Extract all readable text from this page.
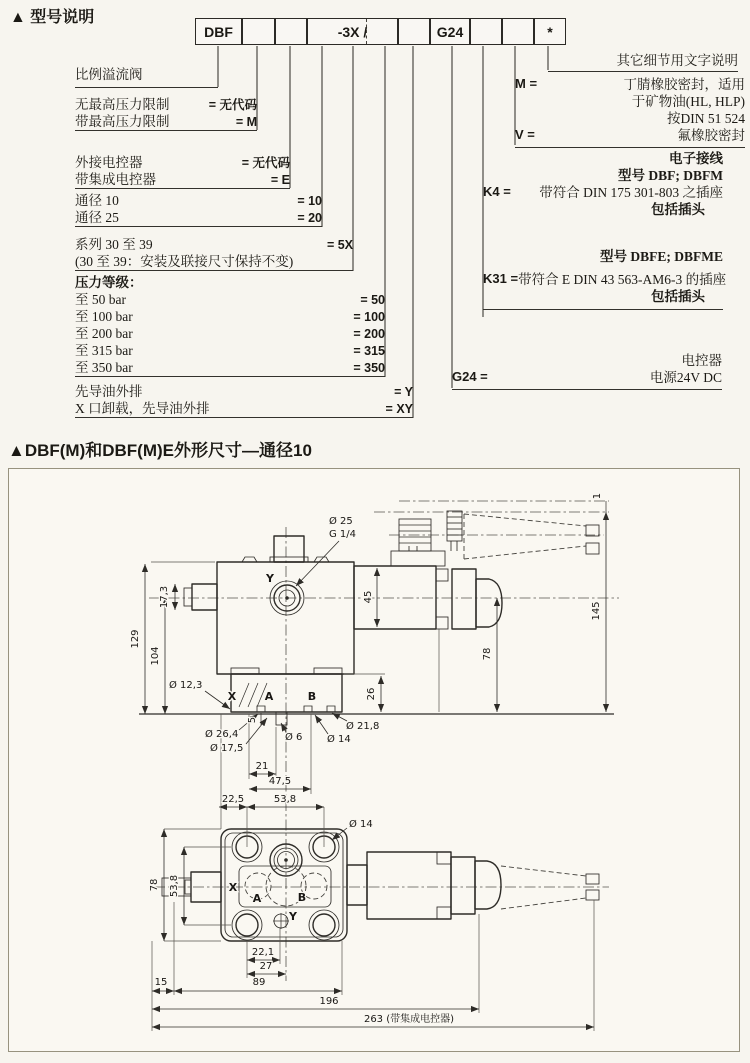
▲ 型号说明
DBF	-3X /	G24	*
比例溢流阀
无最高压力限制	= 无代码
带最高压力限制	= M
外接电控器	= 无代码
带集成电控器	= E
通径 10	= 10
通径 25	= 20
系列 30 至 39	= 5X
(30 至 39：安装及联接尺寸保持不变)
压力等级：
至 50 bar	= 50
至 100 bar	= 100
至 200 bar	= 200
至 315 bar	= 315
至 350 bar	= 350
先导油外排	= Y
X 口卸载，先导油外排	= XY
其它细节用文字说明
M =	丁腈橡胶密封，适用
于矿物油(HL, HLP)
按DIN 51 524
V =	氟橡胶密封
电子接线
型号 DBF; DBFM
K4 = 带符合 DIN 175 301-803 之插座
包括插头
型号 DBFE; DBFME
K31 = 带符合 E DIN 43 563-AM6-3 的插座
包括插头
电控器
G24 =	电源24V DC
▲DBF(M)和DBF(M)E外形尺寸—通径10
Ø 25
G 1/4
Y
45
17,3
129
104
Ø 12,3
X	A	B	26
Ø 21,8
Ø 26,4
Ø 17,5
Ø 6 Ø 14
5
21
47,5
78
145
1
22,5	53,8
Ø 14
78 53,8	X
A	B
Y
22,1
27
15	89
196
263 (带集成电控器)
